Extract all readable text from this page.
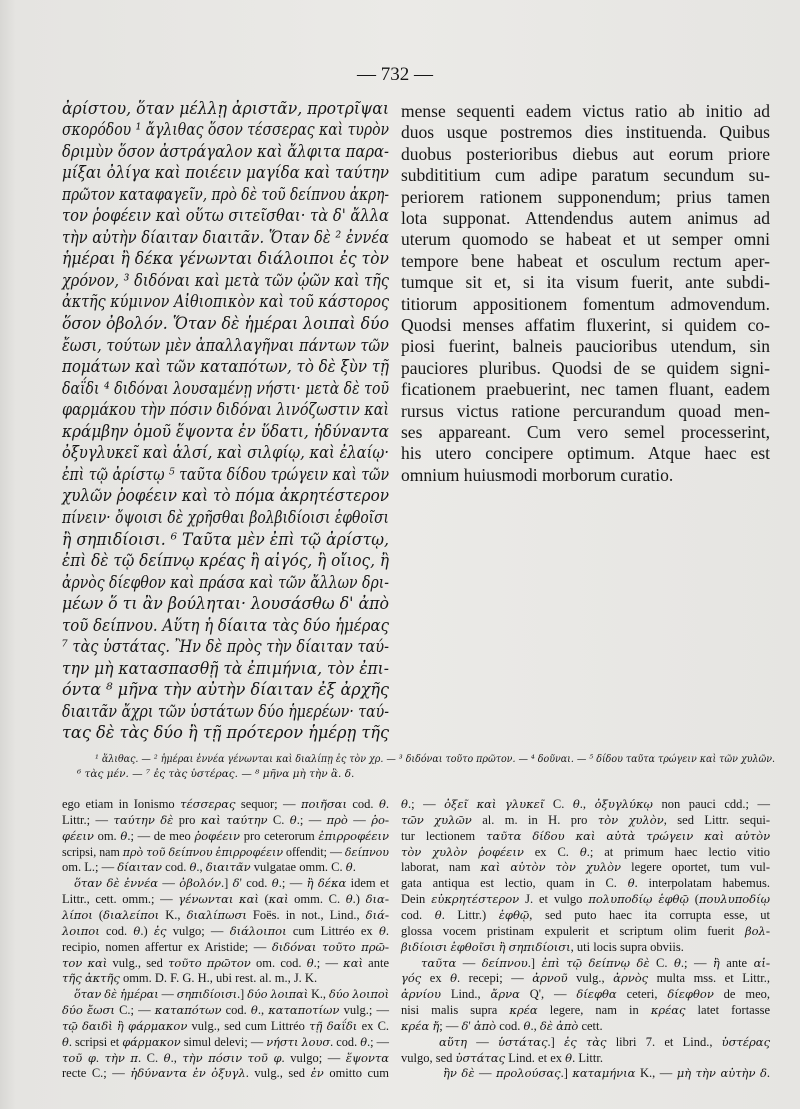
— 732 —
ἀρίστου, ὅταν μέλλῃ ἀριστᾶν, προτρῖψαι
σκορόδου ¹ ἄγλιθας ὅσον τέσσερας καὶ τυρὸν
δριμὺν ὅσον ἀστράγαλον καὶ ἄλφιτα παρα-
μίξαι ὀλίγα καὶ ποιέειν μαγίδα καὶ ταύτην
πρῶτον καταφαγεῖν, πρὸ δὲ τοῦ δείπνου ἀκρη-
τον ῥοφέειν καὶ οὕτω σιτεῖσθαι· τὰ δ' ἄλλα
τὴν αὐτὴν δίαιταν διαιτᾶν. Ὅταν δὲ ² ἐννέα
ἡμέραι ἢ δέκα γένωνται διάλοιποι ἐς τὸν
χρόνον, ³ διδόναι καὶ μετὰ τῶν ᾠῶν καὶ τῆς
ἀκτῆς κύμινον Αἰθιοπικὸν καὶ τοῦ κάστορος
ὅσον ὀβολόν. Ὅταν δὲ ἡμέραι λοιπαὶ δύο
ἔωσι, τούτων μὲν ἀπαλλαγῆναι πάντων τῶν
πομάτων καὶ τῶν καταπότων, τὸ δὲ ξὺν τῇ
δαΐδι ⁴ διδόναι λουσαμένῃ νήστι· μετὰ δὲ τοῦ
φαρμάκου τὴν πόσιν διδόναι λινόζωστιν καὶ
κράμβην ὁμοῦ ἕψοντα ἐν ὕδατι, ἡδύναντα
ὀξυγλυκεῖ καὶ ἁλσί, καὶ σιλφίῳ, καὶ ἐλαίῳ·
ἐπὶ τῷ ἀρίστῳ ⁵ ταῦτα δίδου τρώγειν καὶ τῶν
χυλῶν ῥοφέειν καὶ τὸ πόμα ἀκρητέστερον
πίνειν· ὄψοισι δὲ χρῆσθαι βολβιδίοισι ἑφθοῖσι
ἢ σηπιδίοισι. ⁶ Ταῦτα μὲν ἐπὶ τῷ ἀρίστῳ,
ἐπὶ δὲ τῷ δείπνῳ κρέας ἢ αἰγός, ἢ οἴιος, ἢ
ἀρνὸς δίεφθον καὶ πράσα καὶ τῶν ἄλλων δρι-
μέων ὅ τι ἂν βούληται· λουσάσθω δ' ἀπὸ
τοῦ δείπνου. Αὕτη ἡ δίαιτα τὰς δύο ἡμέρας
⁷ τὰς ὑστάτας. Ἢν δὲ πρὸς τὴν δίαιταν ταύ-
την μὴ κατασπασθῇ τὰ ἐπιμήνια, τὸν ἐπι-
όντα ⁸ μῆνα τὴν αὐτὴν δίαιταν ἐξ ἀρχῆς
διαιτᾶν ἄχρι τῶν ὑστάτων δύο ἡμερέων· ταύ-
τας δὲ τὰς δύο ἢ τῇ πρότερον ἡμέρῃ τῆς
mense sequenti eadem victus ratio ab initio ad
duos usque postremos dies instituenda. Quibus
duobus posterioribus diebus aut eorum priore
subdititium cum adipe paratum secundum su-
periorem rationem supponendum; prius tamen
lota supponat. Attendendus autem animus ad
uterum quomodo se habeat et ut semper omni
tempore bene habeat et osculum rectum aper-
tumque sit et, si ita visum fuerit, ante subdi-
titiorum appositionem fomentum admovendum.
Quodsi menses affatim fluxerint, si quidem co-
piosi fuerint, balneis paucioribus utendum, sin
pauciores pluribus. Quodsi de se quidem signi-
ficationem praebuerint, nec tamen fluant, eadem
rursus victus ratione percurandum quoad men-
ses appareant. Cum vero semel processerint,
his utero concipere optimum. Atque haec est
omnium huiusmodi morborum curatio.
¹ ἅλιθας. — ² ἡμέραι ἐννέα γένωνται καὶ διαλίπῃ ἐς τὸν χρ. — ³ διδόναι τοῦτο πρῶτον. — ⁴ δοῦναι. — ⁵ δίδου ταῦτα τρώγειν καὶ τῶν χυλῶν.
⁶ τὰς μέν. — ⁷ ἐς τὰς ὑστέρας. — ⁸ μῆνα μὴ τὴν ἃ. δ.
ego etiam in Ionismo τέσσερας sequor; — ποιῆσαι cod. θ.
Littr.; — ταύτην δὲ pro καὶ ταύτην C. θ.; — πρὸ — ῥο-
φέειν om. θ.; — de meo ῥοφέειν pro ceterorum ἐπιρροφέειν
scripsi, nam πρὸ τοῦ δείπνου ἐπιρροφέειν offendit; — δείπνου
om. L.; — δίαιταν cod. θ., διαιτᾶν vulgatae omm. C. θ.
ὅταν δὲ ἐννέα — ὀβολόν.] δ' cod. θ.; — ἢ δέκα idem et
Littr., cett. omm.; — γένωνται καὶ (καὶ omm. C. θ.) δια-
λίποι (διαλείποι K., διαλίπωσι Foës. in not., Lind., διά-
λοιποι cod. θ.) ἐς vulgo; — διάλοιποι cum Littréo ex θ.
recipio, nomen affertur ex Aristide; — διδόναι τοῦτο πρῶ-
τον καὶ vulg., sed τοῦτο πρῶτον om. cod. θ.; — καὶ ante
τῆς ἀκτῆς omm. D. F. G. H., ubi rest. al. m., J. K.
ὅταν δὲ ἡμέραι — σηπιδίοισι.] δύο λοιπαὶ K., δύο λοιποὶ
δύο ἔωσι C.; — καταπότων cod. θ., καταποτίων vulg.; —
τῷ δαιδὶ ἢ φάρμακον vulg., sed cum Littréo τῇ δαΐδι ex C.
θ. scripsi et φάρμακον simul delevi; — νήστι λουσ. cod. θ.; —
τοῦ φ. τὴν π. C. θ., τὴν πόσιν τοῦ φ. vulgo; — ἕψοντα
recte C.; — ἡδύναντα ἐν ὀξυγλ. vulg., sed ἐν omitto cum
θ.; — ὀξεῖ καὶ γλυκεῖ C. θ., ὀξυγλύκῳ non pauci cdd.; —
τῶν χυλῶν al. m. in H. pro τὸν χυλὸν, sed Littr. sequi-
tur lectionem ταῦτα δίδου καὶ αὐτὰ τρώγειν καὶ αὐτὸν
τὸν χυλὸν ῥοφέειν ex C. θ.; at primum haec lectio vitio
laborat, nam καὶ αὐτὸν τὸν χυλὸν legere oportet, tum vul-
gata antiqua est lectio, quam in C. θ. interpolatam habemus.
Dein εὐκρητέστερον J. et vulgo πολυποδίῳ ἑφθῷ (πουλυποδίῳ
cod. θ. Littr.) ἑφθῷ, sed puto haec ita corrupta esse, ut
glossa vocem pristinam expulerit et scriptum olim fuerit βολ-
βιδίοισι ἑφθοῖσι ἢ σηπιδίοισι, uti locis supra obviis.
ταῦτα — δείπνου.] ἐπὶ τῷ δείπνῳ δὲ C. θ.; — ἢ ante αἰ-
γός ex θ. recepi; — ἀρνοῦ vulg., ἀρνὸς multa mss. et Littr.,
ἀρνίου Lind., ἄρνα Q', — δίεφθα ceteri, δίεφθον de meo,
nisi malis supra κρέα legere, nam in κρέας latet fortasse
κρέα ἤ; — δ' ἀπὸ cod. θ., δὲ ἀπὸ cett.
αὕτη — ὑστάτας.] ἐς τὰς libri 7. et Lind., ὑστέρας
vulgo, sed ὑστάτας Lind. et ex θ. Littr.
ἢν δὲ — προλούσας.] καταμήνια K., — μὴ τὴν αὐτὴν δ.
